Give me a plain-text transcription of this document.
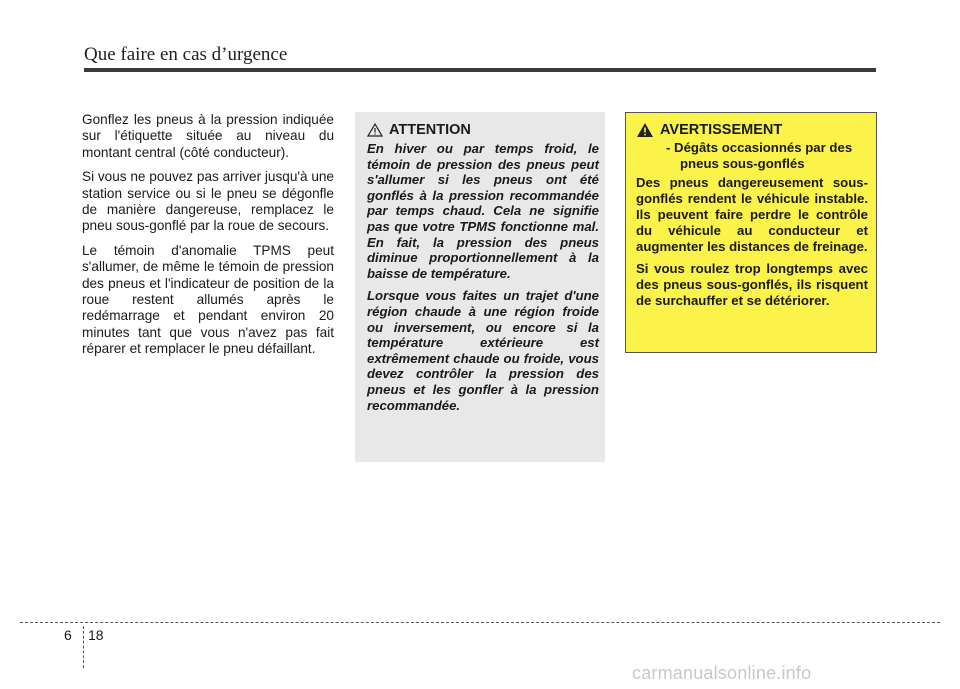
Que faire en cas d’urgence

Gonflez les pneus à la pression indiquée sur l'étiquette située au niveau du montant central (côté conducteur).

Si vous ne pouvez pas arriver jusqu'à une station service ou si le pneu se dégonfle de manière dangereuse, remplacez le pneu sous-gonflé par la roue de secours.

Le témoin d'anomalie TPMS peut s'allumer, de même le témoin de pression des pneus et l'indicateur de position de la roue restent allumés après le redémarrage et pendant environ 20 minutes tant que vous n'avez pas fait réparer et remplacer le pneu défaillant.

ATTENTION

En hiver ou par temps froid, le témoin de pression des pneus peut s'allumer si les pneus ont été gonflés à la pression recommandée par temps chaud. Cela ne signifie pas que votre TPMS fonctionne mal. En fait, la pression des pneus diminue proportionnellement à la baisse de température.

Lorsque vous faites un trajet d'une région chaude à une région froide ou inversement, ou encore si la température extérieure est extrêmement chaude ou froide, vous devez contrôler la pression des pneus et les gonfler à la pression recommandée.

AVERTISSEMENT
- Dégâts occasionnés par des pneus sous-gonflés

Des pneus dangereusement sous-gonflés rendent le véhicule instable. Ils peuvent faire perdre le contrôle du véhicule au conducteur et augmenter les distances de freinage.

Si vous roulez trop longtemps avec des pneus sous-gonflés, ils risquent de surchauffer et se détériorer.

6 18
carmanualsonline.info
